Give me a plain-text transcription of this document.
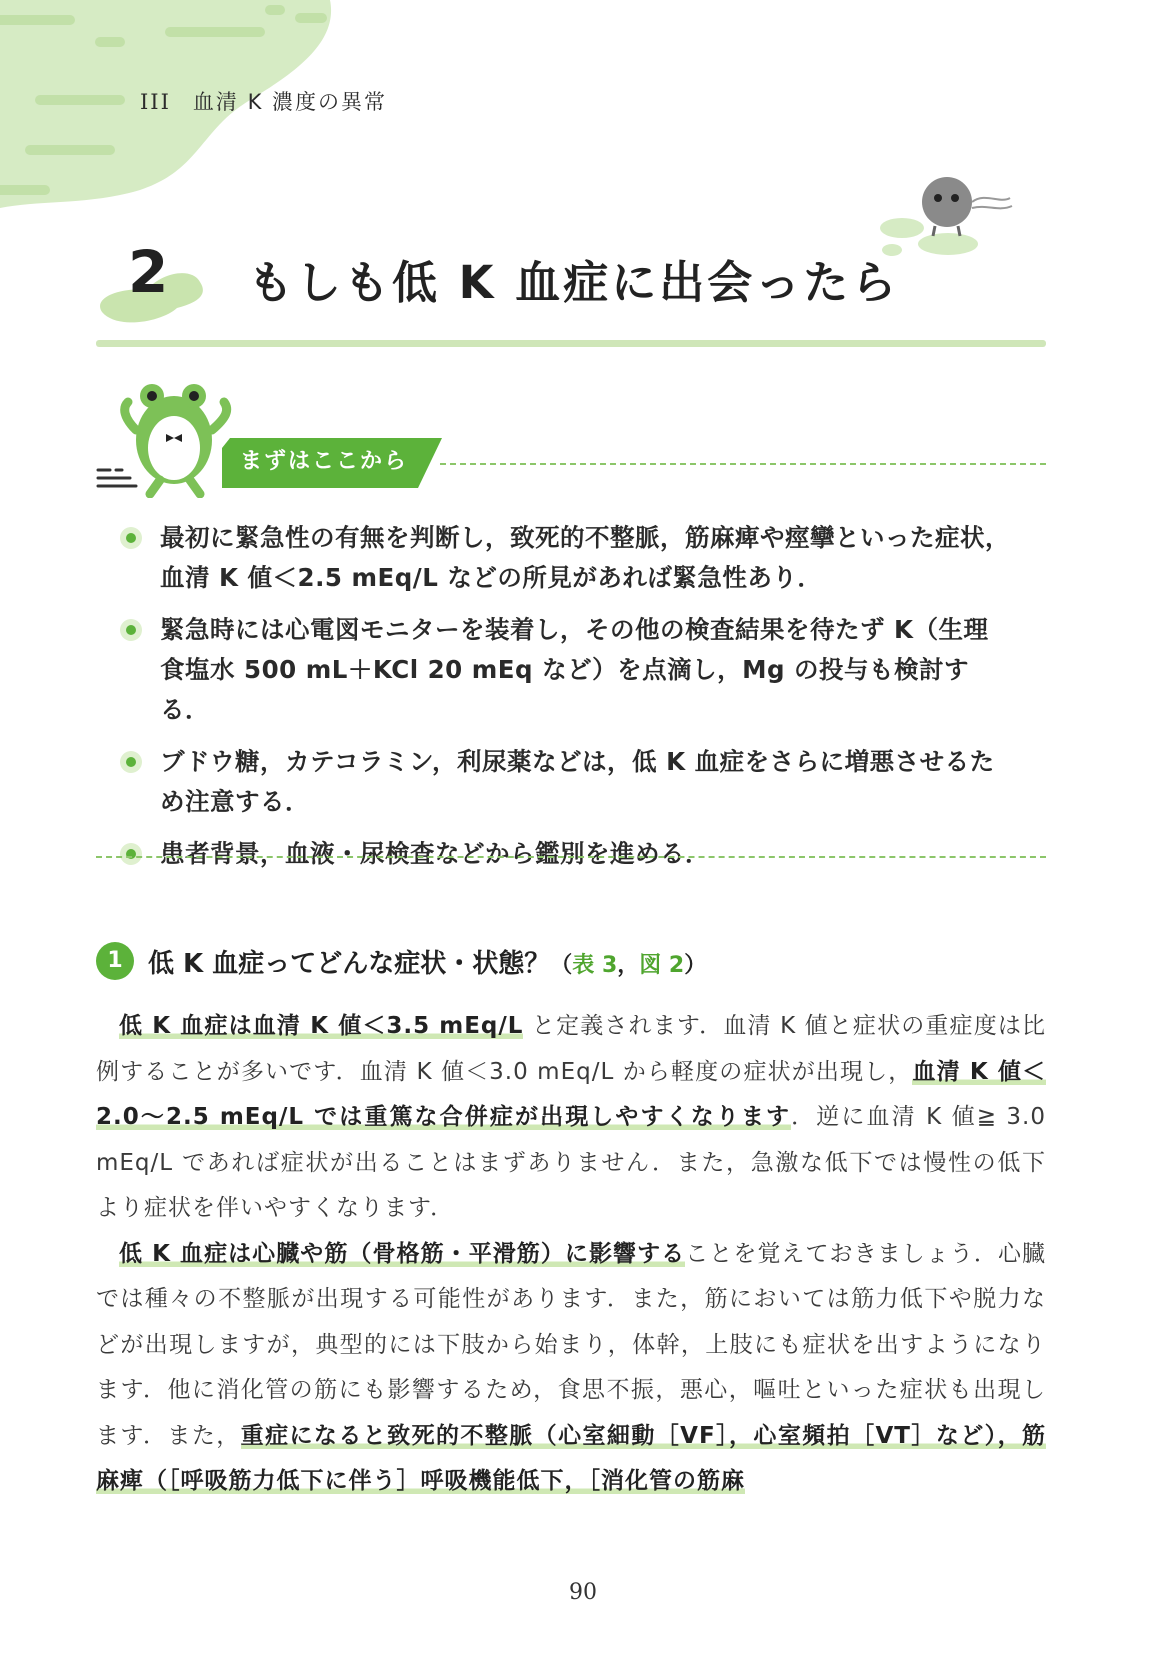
III 血清 K 濃度の異常
2 もしも低 K 血症に出会ったら
まずはここから
最初に緊急性の有無を判断し，致死的不整脈，筋麻痺や痙攣といった症状，血清 K 値＜2.5 mEq/L などの所見があれば緊急性あり．
緊急時には心電図モニターを装着し，その他の検査結果を待たず K（生理食塩水 500 mL＋KCl 20 mEq など）を点滴し，Mg の投与も検討する．
ブドウ糖，カテコラミン，利尿薬などは，低 K 血症をさらに増悪させるため注意する．
患者背景，血液・尿検査などから鑑別を進める．
1 低 K 血症ってどんな症状・状態？（表 3，図 2）

低 K 血症は血清 K 値＜3.5 mEq/L と定義されます．血清 K 値と症状の重症度は比例することが多いです．血清 K 値＜3.0 mEq/L から軽度の症状が出現し，血清 K 値＜2.0〜2.5 mEq/L では重篤な合併症が出現しやすくなります．逆に血清 K 値≧ 3.0 mEq/L であれば症状が出ることはまずありません．また，急激な低下では慢性の低下より症状を伴いやすくなります．

低 K 血症は心臓や筋（骨格筋・平滑筋）に影響することを覚えておきましょう．心臓では種々の不整脈が出現する可能性があります．また，筋においては筋力低下や脱力などが出現しますが，典型的には下肢から始まり，体幹，上肢にも症状を出すようになります．他に消化管の筋にも影響するため，食思不振，悪心，嘔吐といった症状も出現します．また，重症になると致死的不整脈（心室細動［VF］，心室頻拍［VT］など），筋麻痺（［呼吸筋力低下に伴う］呼吸機能低下，［消化管の筋麻

90
